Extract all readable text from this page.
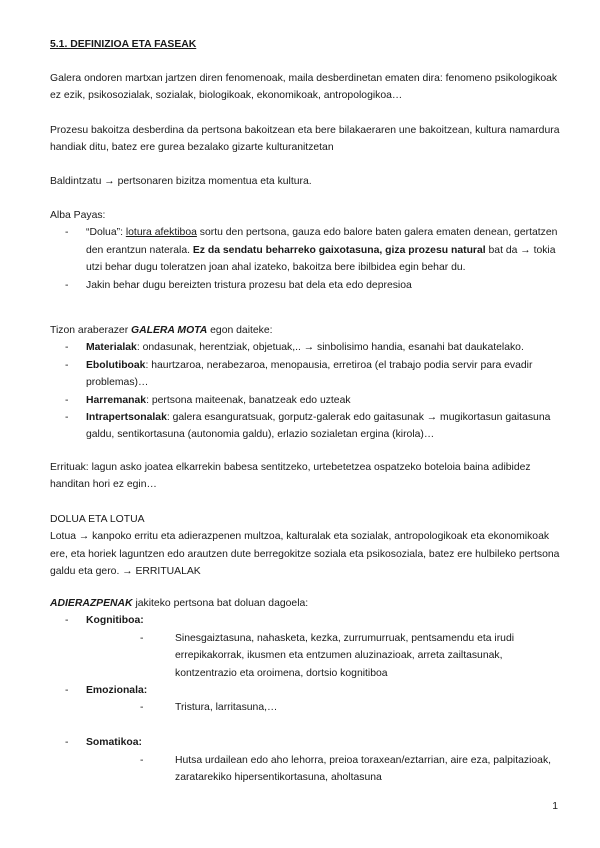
5.1. DEFINIZIOA ETA FASEAK
Galera ondoren martxan jartzen diren fenomenoak, maila desberdinetan ematen dira: fenomeno psikologikoak ez ezik, psikosozialak, sozialak, biologikoak, ekonomikoak, antropologikoa…
Prozesu bakoitza desberdina da pertsona bakoitzean eta bere bilakaeraren une bakoitzean, kultura namardura handiak ditu, batez ere gurea bezalako gizarte kulturanitzetan
Baldintzatu → pertsonaren bizitza momentua eta kultura.
Alba Payas:
- “Dolua”: lotura afektiboa sortu den pertsona, gauza edo balore baten galera ematen denean, gertatzen den erantzun naterala. Ez da sendatu beharreko gaixotasuna, giza prozesu natural bat da → tokia utzi behar dugu toleratzen joan ahal izateko, bakoitza bere ibilbidea egin behar du.
- Jakin behar dugu bereizten tristura prozesu bat dela eta edo depresioa
Tizon araberazer GALERA MOTA egon daiteke:
- Materialak: ondasunak, herentziak, objetuak,.. → sinbolisimo handia, esanahi bat daukatelako.
- Ebolutiboak: haurtzaroa, nerabezaroa, menopausia, erretiroa (el trabajo podia servir para evadir problemas)…
- Harremanak: pertsona maiteenak, banatzeak edo uzteak
- Intrapertsonalak: galera esanguratsuak, gorputz-galerak edo gaitasunak → mugikortasun gaitasuna galdu, sentikortasuna (autonomia galdu), erlazio sozialetan ergina (kirola)…
Errituak: lagun asko joatea elkarrekin babesa sentitzeko, urtebetetzea ospatzeko boteloia baina adibidez handitan hori ez egin…
DOLUA ETA LOTUA
Lotua → kanpoko erritu eta adierazpenen multzoa, kalturalak eta sozialak, antropologikoak eta ekonomikoak ere, eta horiek laguntzen edo arautzen dute berregokitze soziala eta psikosoziala, batez ere hulbileko pertsona galdu eta gero. → ERRITUALAK
ADIERAZPENAK jakiteko pertsona bat doluan dagoela:
- Kognitiboa:
- Sinesgaiztasuna, nahasketa, kezka, zurrumurruak, pentsamendu eta irudi errepikakorrak, ikusmen eta entzumen aluzinazioak, arreta zailtasunak, kontzentrazio eta oroimena, dortsio kognitiboa
- Emozionala:
- Tristura, larritasuna,…
- Somatikoa:
- Hutsa urdailean edo aho lehorra, preioa toraxean/eztarrian, aire eza, palpitazioak, zaratarekiko hipersentikortasuna, aholtasuna
1
